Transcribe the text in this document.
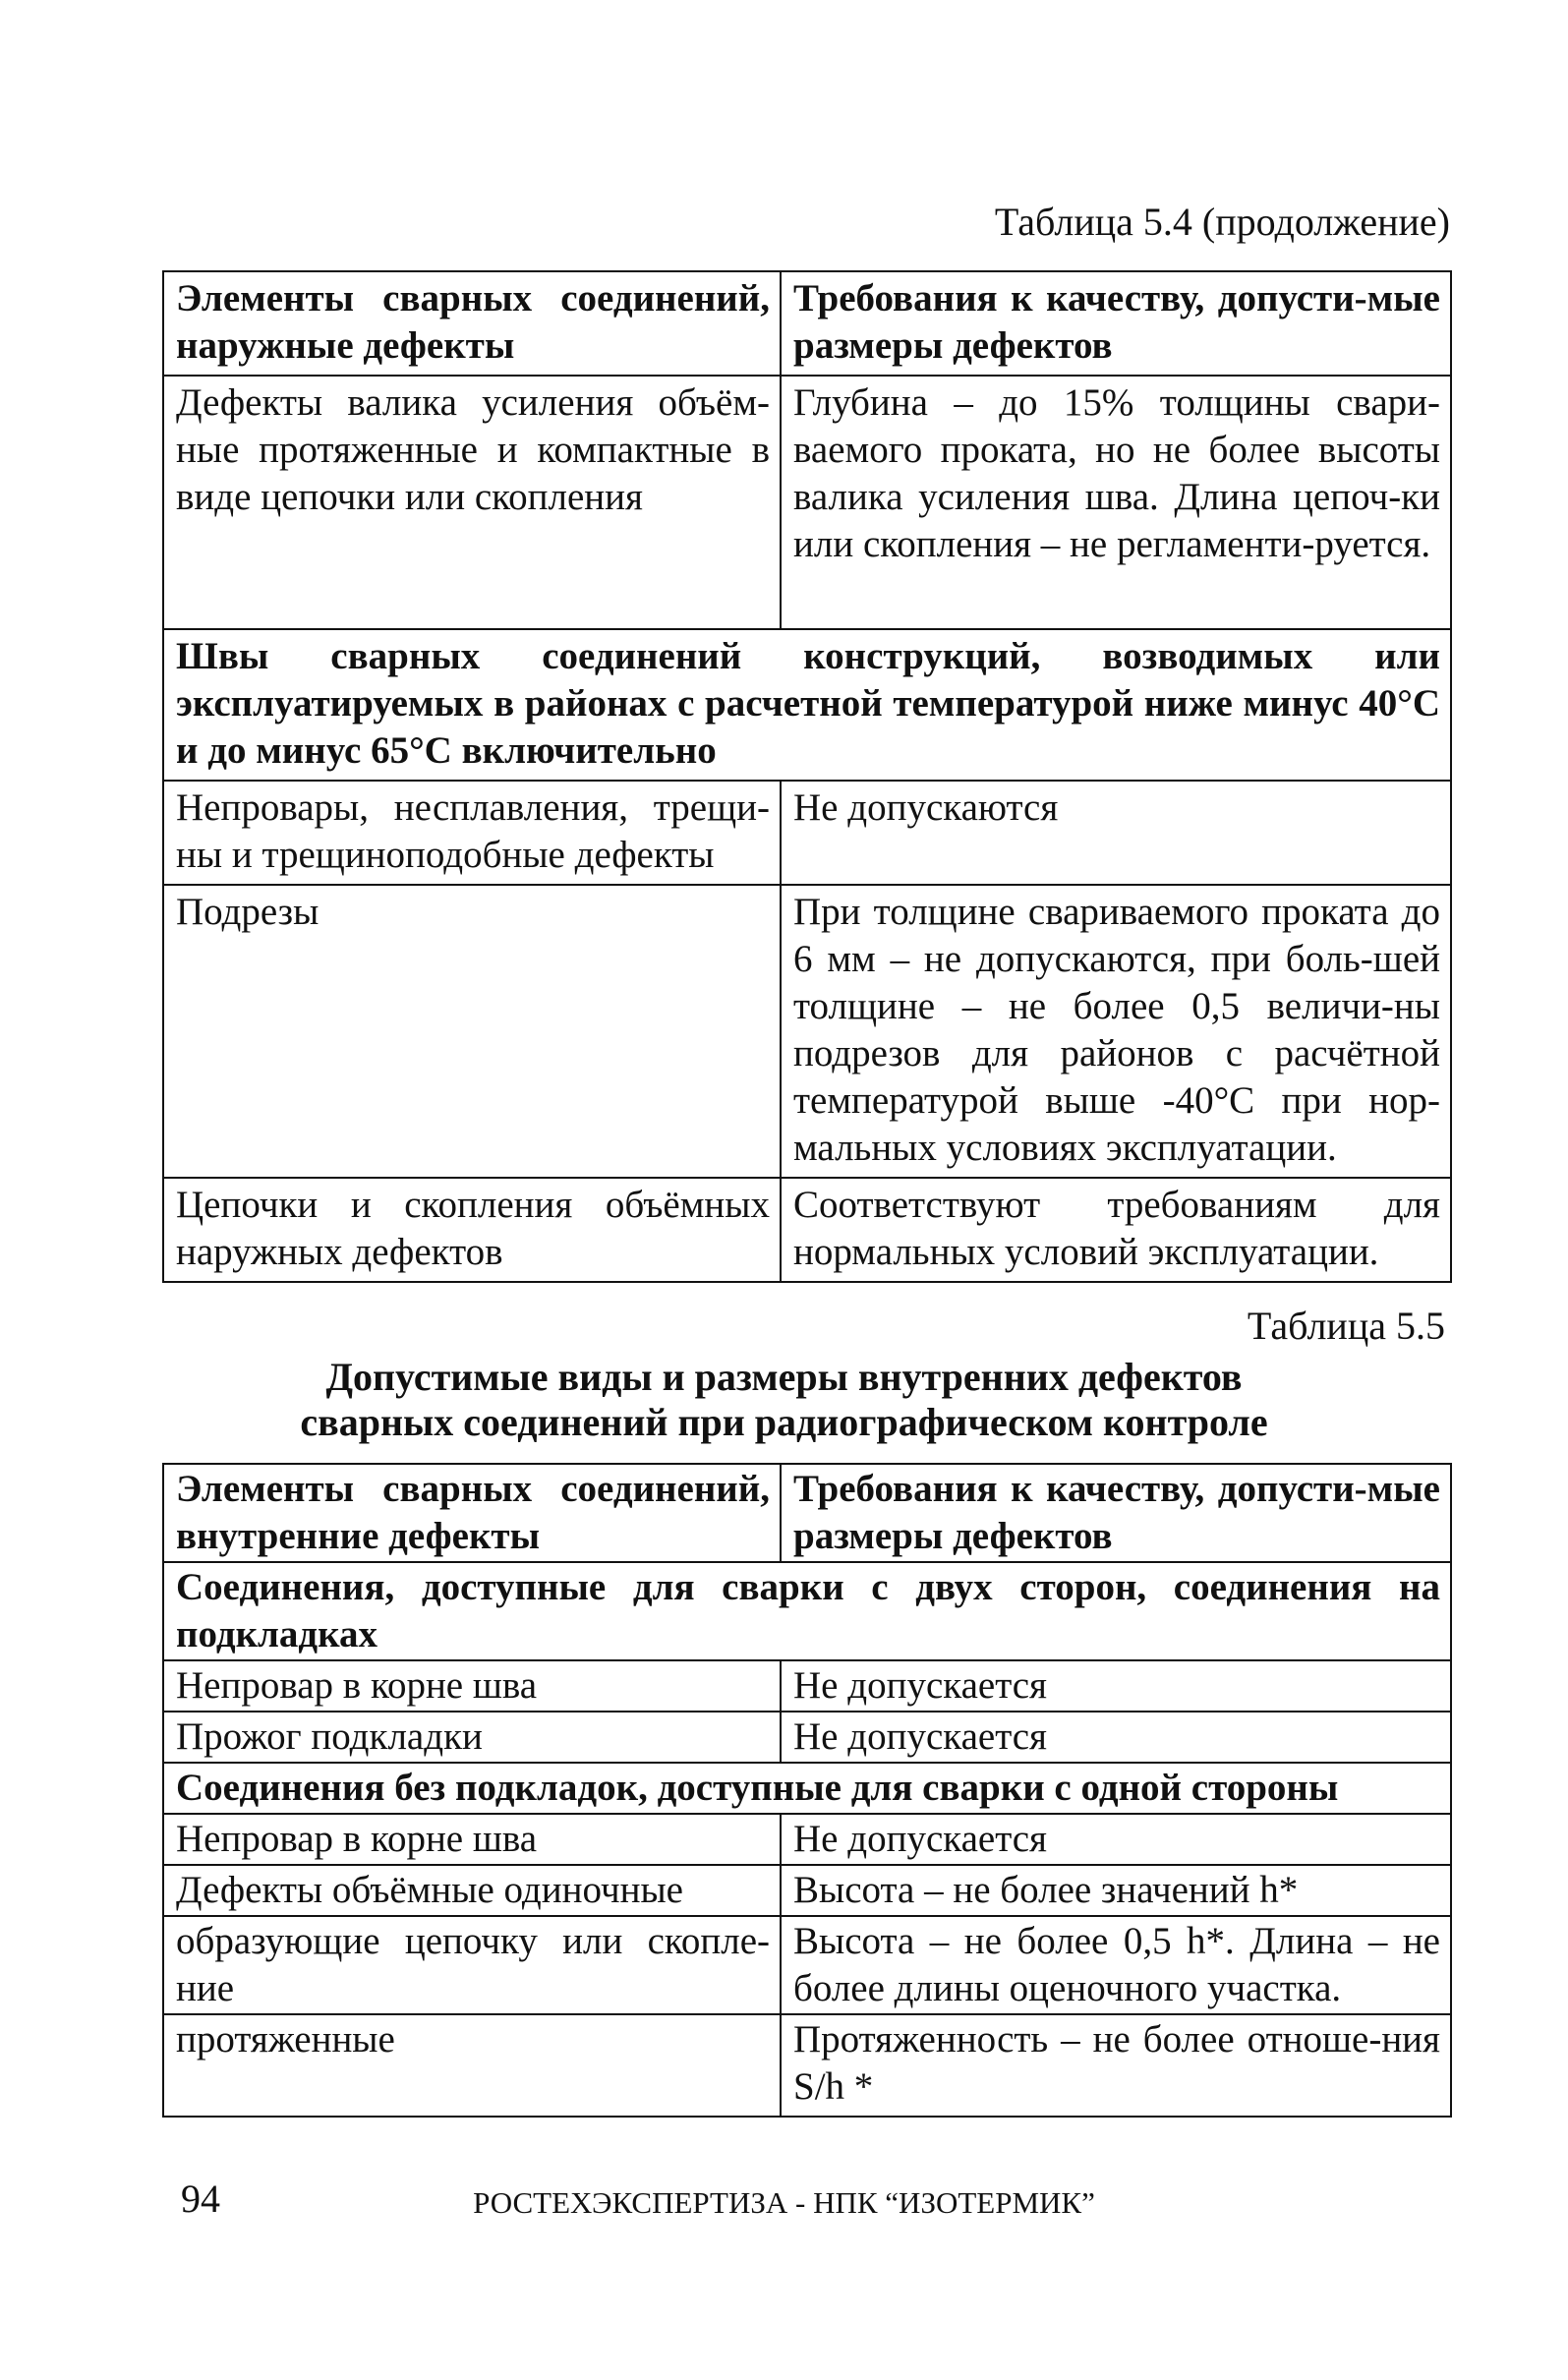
Таблица 5.4 (продолжение)
Элементы сварных соединений, наружные дефекты	Требования к качеству, допусти-мые размеры дефектов
Дефекты валика усиления объём-ные протяженные и компактные в виде цепочки или скопления	Глубина – до 15% толщины свари-ваемого проката, но не более высоты валика усиления шва. Длина цепоч-ки или скопления – не регламенти-руется.
Швы сварных соединений конструкций, возводимых или эксплуатируемых в районах с расчетной температурой ниже минус 40°С и до минус 65°С включительно	
Непровары, несплавления, трещи-ны и трещиноподобные дефекты	Не допускаются
Подрезы	При толщине свариваемого проката до 6 мм – не допускаются, при боль-шей толщине – не более 0,5 величи-ны подрезов для районов с расчётной температурой выше -40°С при нор-мальных условиях эксплуатации.
Цепочки и скопления объёмных наружных дефектов	Соответствуют требованиям для нормальных условий эксплуатации.
Таблица 5.5
Допустимые виды и размеры внутренних дефектов
сварных соединений при радиографическом контроле
Элементы сварных соединений, внутренние дефекты	Требования к качеству, допусти-мые размеры дефектов
Соединения, доступные для сварки с двух сторон, соединения на подкладках	
Непровар в корне шва	Не допускается
Прожог подкладки	Не допускается
Соединения без подкладок, доступные для сварки с одной стороны	
Непровар в корне шва	Не допускается
Дефекты объёмные одиночные	Высота – не более значений h*
образующие цепочку или скопле-ние	Высота – не более 0,5 h*. Длина – не более длины оценочного участка.
протяженные	Протяженность – не более отноше-ния S/h *
94	РОСТЕХЭКСПЕРТИЗА - НПК “ИЗОТЕРМИК”
